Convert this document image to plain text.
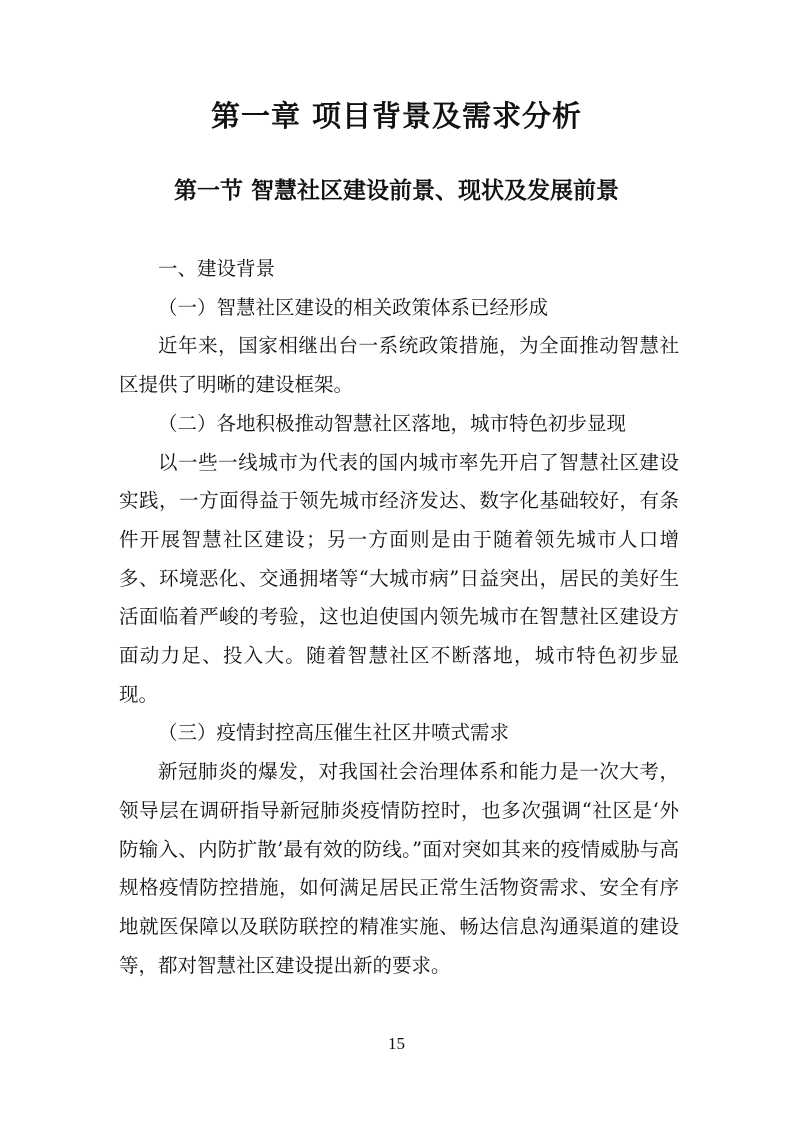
第一章 项目背景及需求分析
第一节 智慧社区建设前景、现状及发展前景

一、建设背景

（一）智慧社区建设的相关政策体系已经形成

近年来，国家相继出台一系统政策措施，为全面推动智慧社区提供了明晰的建设框架。

（二）各地积极推动智慧社区落地，城市特色初步显现

以一些一线城市为代表的国内城市率先开启了智慧社区建设实践，一方面得益于领先城市经济发达、数字化基础较好，有条件开展智慧社区建设；另一方面则是由于随着领先城市人口增多、环境恶化、交通拥堵等“大城市病”日益突出，居民的美好生活面临着严峻的考验，这也迫使国内领先城市在智慧社区建设方面动力足、投入大。随着智慧社区不断落地，城市特色初步显现。

（三）疫情封控高压催生社区井喷式需求

新冠肺炎的爆发，对我国社会治理体系和能力是一次大考，领导层在调研指导新冠肺炎疫情防控时，也多次强调“社区是‘外防输入、内防扩散’最有效的防线。”面对突如其来的疫情威胁与高规格疫情防控措施，如何满足居民正常生活物资需求、安全有序地就医保障以及联防联控的精准实施、畅达信息沟通渠道的建设等，都对智慧社区建设提出新的要求。

15
